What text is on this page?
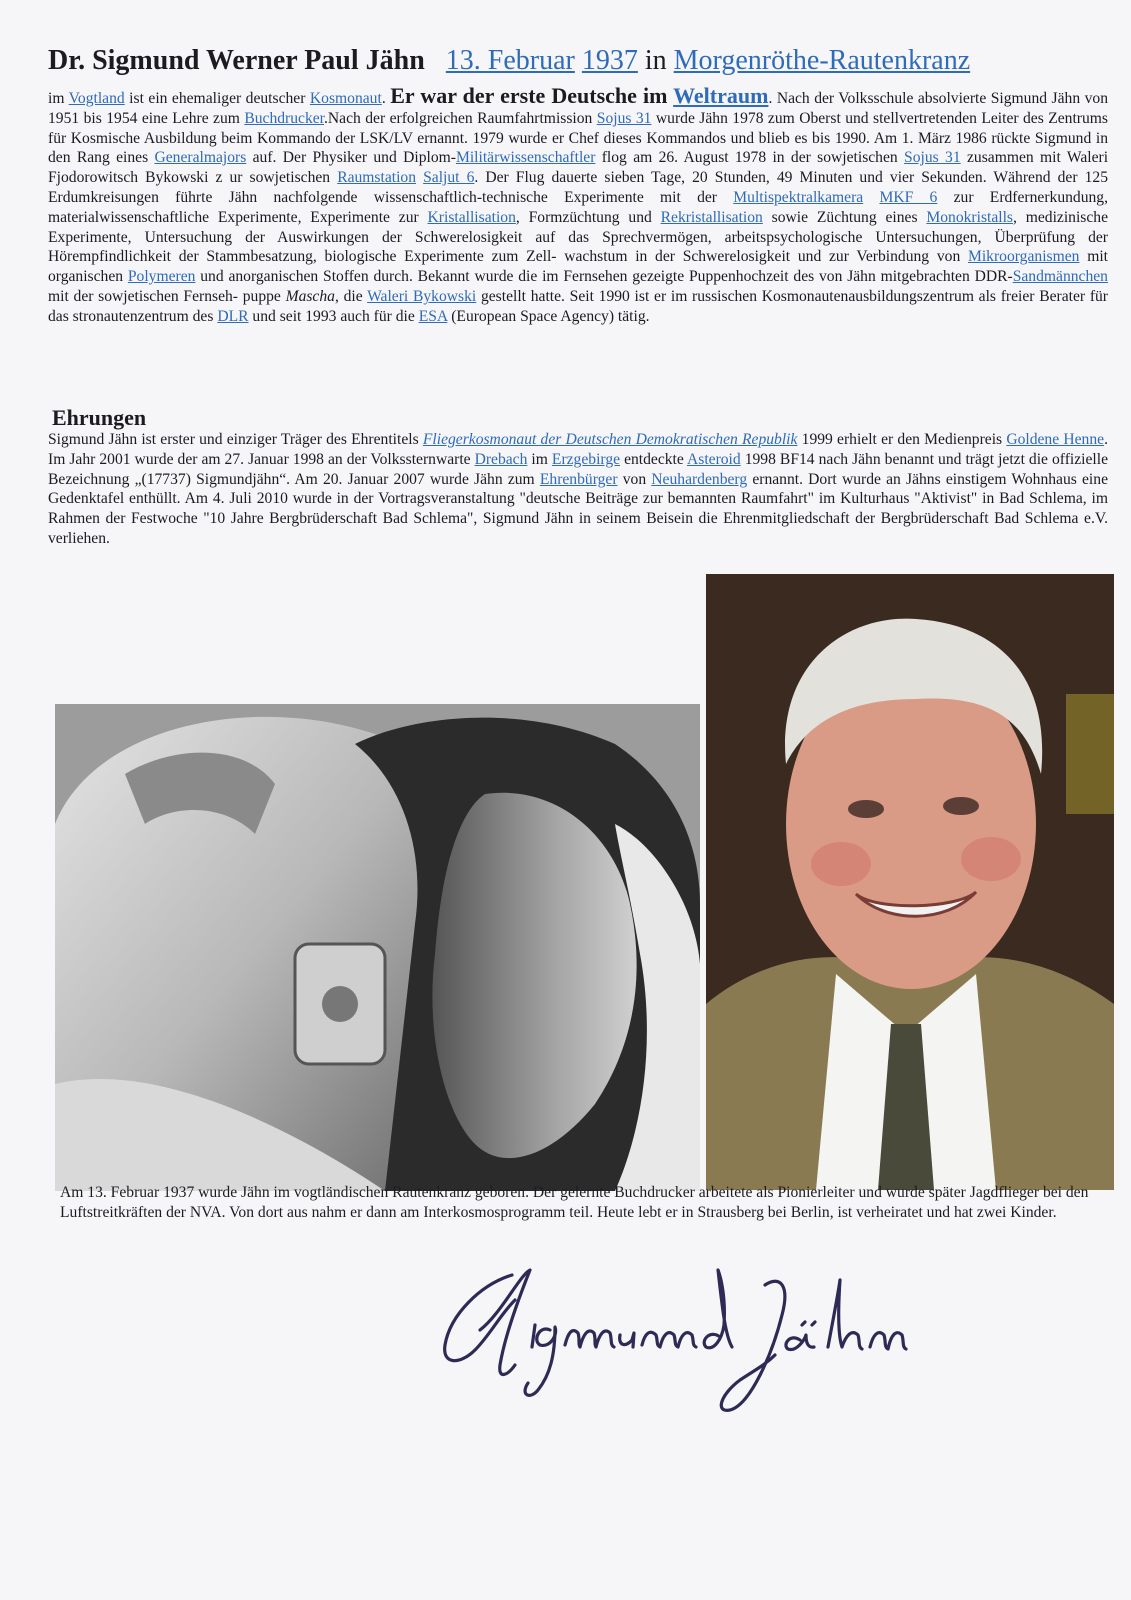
Dr. Sigmund Werner Paul Jähn 13. Februar 1937 in Morgenröthe-Rautenkranz
im Vogtland ist ein ehemaliger deutscher Kosmonaut. Er war der erste Deutsche im Weltraum. Nach der Volksschule absolvierte Sigmund Jähn von 1951 bis 1954 eine Lehre zum Buchdrucker.Nach der erfolgreichen Raumfahrtmission Sojus 31 wurde Jähn 1978 zum Oberst und stellvertretenden Leiter des Zentrums für Kosmische Ausbildung beim Kommando der LSK/LV ernannt. 1979 wurde er Chef dieses Kommandos und blieb es bis 1990. Am 1. März 1986 rückte Sigmund in den Rang eines Generalmajors auf. Der Physiker und Diplom-Militärwissenschaftler flog am 26. August 1978 in der sowjetischen Sojus 31 zusammen mit Waleri Fjodorowitsch Bykowski z ur sowjetischen Raumstation Saljut 6. Der Flug dauerte sieben Tage, 20 Stunden, 49 Minuten und vier Sekunden. Während der 125 Erdumkreisungen führte Jähn nachfolgende wissenschaftlich-technische Experimente mit der Multispektralkamera MKF 6 zur Erdfernerkundung, materialwissenschaftliche Experimente, Experimente zur Kristallisation, Formzüchtung und Rekristallisation sowie Züchtung eines Monokristalls, medizinische Experimente, Untersuchung der Auswirkungen der Schwerelosigkeit auf das Sprechvermögen, arbeitspsychologische Untersuchungen, Überprüfung der Hörempfindlichkeit der Stammbesatzung, biologische Experimente zum Zell- wachstum in der Schwerelosigkeit und zur Verbindung von Mikroorganismen mit organischen Polymeren und anorganischen Stoffen durch. Bekannt wurde die im Fernsehen gezeigte Puppenhochzeit des von Jähn mitgebrachten DDR-Sandmännchen mit der sowjetischen Fernseh- puppe Mascha, die Waleri Bykowski gestellt hatte. Seit 1990 ist er im russischen Kosmonautenausbildungszentrum als freier Berater für das stronautenzentrum des DLR und seit 1993 auch für die ESA (European Space Agency) tätig.
Ehrungen
Sigmund Jähn ist erster und einziger Träger des Ehrentitels Fliegerkosmonaut der Deutschen Demokratischen Republik 1999 erhielt er den Medienpreis Goldene Henne. Im Jahr 2001 wurde der am 27. Januar 1998 an der Volkssternwarte Drebach im Erzgebirge entdeckte Asteroid 1998 BF14 nach Jähn benannt und trägt jetzt die offizielle Bezeichnung „(17737) Sigmundjähn“. Am 20. Januar 2007 wurde Jähn zum Ehrenbürger von Neuhardenberg ernannt. Dort wurde an Jähns einstigem Wohnhaus eine Gedenktafel enthüllt. Am 4. Juli 2010 wurde in der Vortragsveranstaltung "deutsche Beiträge zur bemannten Raumfahrt" im Kulturhaus "Aktivist" in Bad Schlema, im Rahmen der Festwoche "10 Jahre Bergbrüderschaft Bad Schlema", Sigmund Jähn in seinem Beisein die Ehrenmitgliedschaft der Bergbrüderschaft Bad Schlema e.V. verliehen.
Am 13. Februar 1937 wurde Jähn im vogtländischen Rautenkranz geboren. Der gelernte Buchdrucker arbeitete als Pionierleiter und wurde später Jagdflieger bei den Luftstreitkräften der NVA. Von dort aus nahm er dann am Interkosmosprogramm teil. Heute lebt er in Strausberg bei Berlin, ist verheiratet und hat zwei Kinder.
